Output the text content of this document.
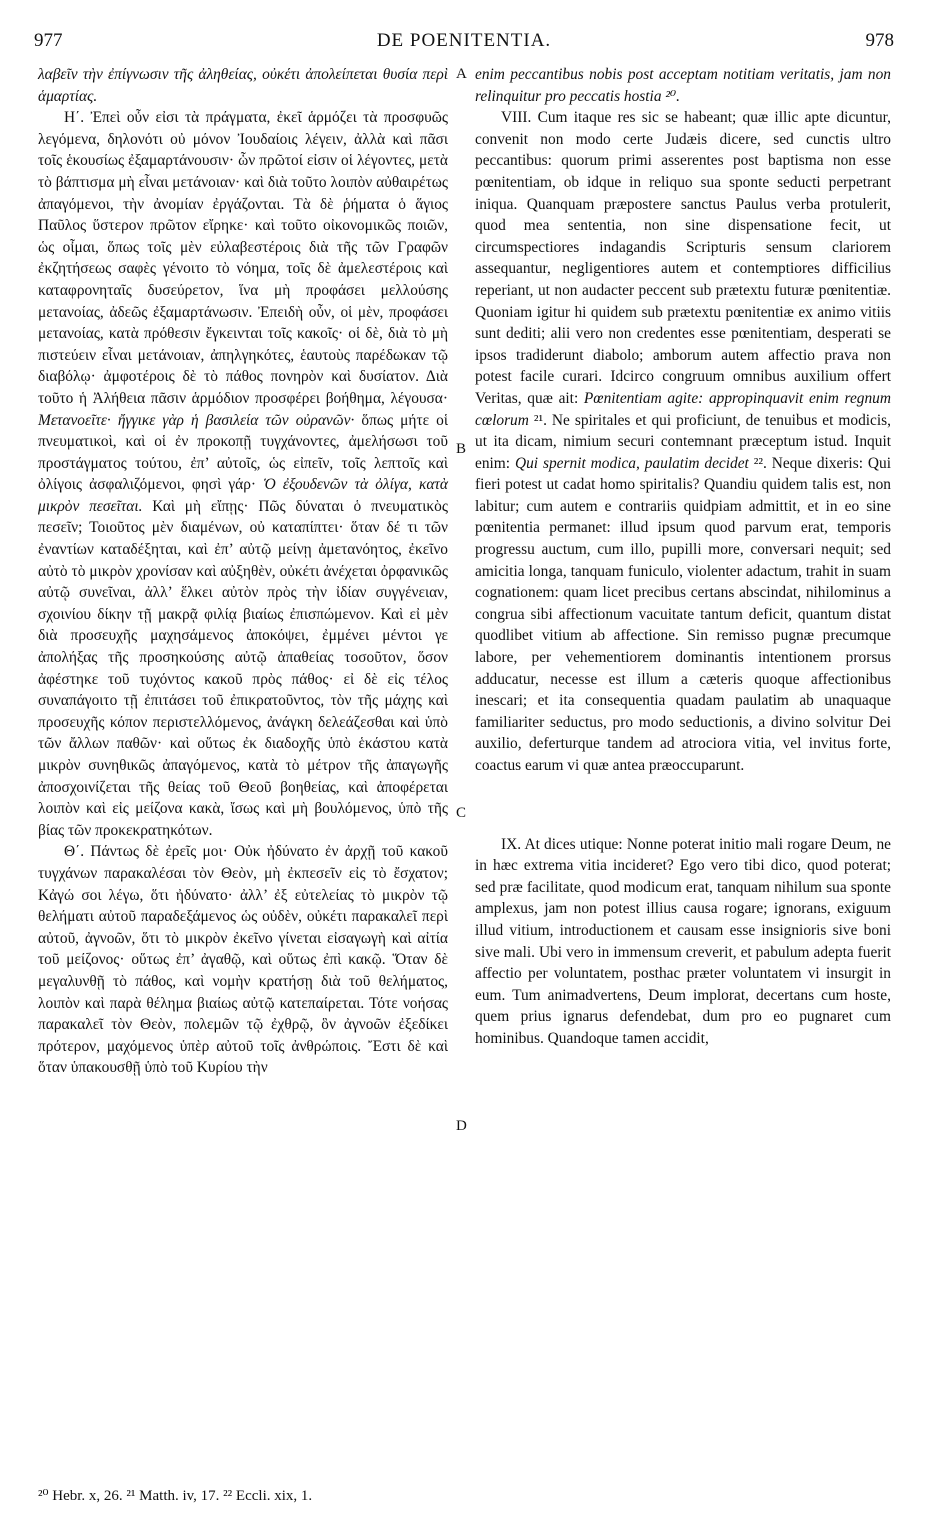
977	DE POENITENTIA.	978

λαβεῖν τὴν ἐπίγνωσιν τῆς ἀληθείας, οὐκέτι ἀπολείπεται θυσία περὶ ἁμαρτίας.

Η΄. Ἐπεὶ οὖν εἰσι τὰ πράγματα, ἐκεῖ ἁρμόζει τὰ προσφυῶς λεγόμενα, δηλονότι οὐ μόνον Ἰουδαίοις λέγειν, ἀλλὰ καὶ πᾶσι τοῖς ἑκουσίως ἐξαμαρτάνουσιν· ὧν πρῶτοί εἰσιν οἱ λέγοντες, μετὰ τὸ βάπτισμα μὴ εἶναι μετάνοιαν· καὶ διὰ τοῦτο λοιπὸν αὐθαιρέτως ἀπαγόμενοι, τὴν ἀνομίαν ἐργάζονται. Τὰ δὲ ῥήματα ὁ ἅγιος Παῦλος ὕστερον πρῶτον εἴρηκε· καὶ τοῦτο οἰκονομικῶς ποιῶν, ὡς οἶμαι, ὅπως τοῖς μὲν εὐλαβεστέροις διὰ τῆς τῶν Γραφῶν ἐκζητήσεως σαφὲς γένοιτο τὸ νόημα, τοῖς δὲ ἀμελεστέροις καὶ καταφρονηταῖς δυσεύρετον, ἵνα μὴ προφάσει μελλούσης μετανοίας, ἀδεῶς ἐξαμαρτάνωσιν. Ἐπειδὴ οὖν, οἱ μὲν, προφάσει μετανοίας, κατὰ πρόθεσιν ἔγκεινται τοῖς κακοῖς· οἱ δὲ, διὰ τὸ μὴ πιστεύειν εἶναι μετάνοιαν, ἀπηλγηκότες, ἑαυτοὺς παρέδωκαν τῷ διαβόλῳ· ἀμφοτέροις δὲ τὸ πάθος πονηρὸν καὶ δυσίατον. Διὰ τοῦτο ἡ Ἀλήθεια πᾶσιν ἁρμόδιον προσφέρει βοήθημα, λέγουσα· Μετανοεῖτε· ἤγγικε γὰρ ἡ βασιλεία τῶν οὐρανῶν· ὅπως μήτε οἱ πνευματικοὶ, καὶ οἱ ἐν προκοπῇ τυγχάνοντες, ἀμελήσωσι τοῦ προστάγματος τούτου, ἐπ’ αὐτοῖς, ὡς εἰπεῖν, τοῖς λεπτοῖς καὶ ὀλίγοις ἀσφαλιζόμενοι, φησὶ γάρ· Ὁ ἐξουδενῶν τὰ ὀλίγα, κατὰ μικρὸν πεσεῖται. Καὶ μὴ εἴπῃς· Πῶς δύναται ὁ πνευματικὸς πεσεῖν; Τοιοῦτος μὲν διαμένων, οὐ καταπίπτει· ὅταν δέ τι τῶν ἐναντίων καταδέξηται, καὶ ἐπ’ αὐτῷ μείνῃ ἀμετανόητος, ἐκεῖνο αὐτὸ τὸ μικρὸν χρονίσαν καὶ αὐξηθὲν, οὐκέτι ἀνέχεται ὀρφανικῶς αὐτῷ συνεῖναι, ἀλλ’ ἕλκει αὐτὸν πρὸς τὴν ἰδίαν συγγένειαν, σχοινίου δίκην τῇ μακρᾷ φιλίᾳ βιαίως ἐπισπώμενον. Καὶ εἰ μὲν διὰ προσευχῆς μαχησάμενος ἀποκόψει, ἐμμένει μέντοι γε ἀπολήξας τῆς προσηκούσης αὐτῷ ἀπαθείας τοσοῦτον, ὅσον ἀφέστηκε τοῦ τυχόντος κακοῦ πρὸς πάθος· εἰ δὲ εἰς τέλος συναπάγοιτο τῇ ἐπιτάσει τοῦ ἐπικρατοῦντος, τὸν τῆς μάχης καὶ προσευχῆς κόπον περιστελλόμενος, ἀνάγκη δελεάζεσθαι καὶ ὑπὸ τῶν ἄλλων παθῶν· καὶ οὕτως ἐκ διαδοχῆς ὑπὸ ἑκάστου κατὰ μικρὸν συνηθικῶς ἀπαγόμενος, κατὰ τὸ μέτρον τῆς ἀπαγωγῆς ἀποσχοινίζεται τῆς θείας τοῦ Θεοῦ βοηθείας, καὶ ἀποφέρεται λοιπὸν καὶ εἰς μείζονα κακὰ, ἴσως καὶ μὴ βουλόμενος, ὑπὸ τῆς βίας τῶν προκεκρατηκότων.

Θ΄. Πάντως δὲ ἐρεῖς μοι· Οὐκ ἠδύνατο ἐν ἀρχῇ τοῦ κακοῦ τυγχάνων παρακαλέσαι τὸν Θεὸν, μὴ ἐκπεσεῖν εἰς τὸ ἔσχατον; Κἀγώ σοι λέγω, ὅτι ἠδύνατο· ἀλλ’ ἐξ εὐτελείας τὸ μικρὸν τῷ θελήματι αὐτοῦ παραδεξάμενος ὡς οὐδὲν, οὐκέτι παρακαλεῖ περὶ αὐτοῦ, ἀγνοῶν, ὅτι τὸ μικρὸν ἐκεῖνο γίνεται εἰσαγωγὴ καὶ αἰτία τοῦ μείζονος· οὕτως ἐπ’ ἀγαθῷ, καὶ οὕτως ἐπὶ κακῷ. Ὅταν δὲ μεγαλυνθῇ τὸ πάθος, καὶ νομὴν κρατήσῃ διὰ τοῦ θελήματος, λοιπὸν καὶ παρὰ θέλημα βιαίως αὐτῷ κατεπαίρεται. Τότε νοήσας παρακαλεῖ τὸν Θεὸν, πολεμῶν τῷ ἐχθρῷ, ὃν ἀγνοῶν ἐξεδίκει πρότερον, μαχόμενος ὑπὲρ αὐτοῦ τοῖς ἀνθρώποις. Ἔστι δὲ καὶ ὅταν ὑπακουσθῇ ὑπὸ τοῦ Κυρίου τὴν

A
B
C
D

enim peccantibus nobis post acceptam notitiam veritatis, jam non relinquitur pro peccatis hostia ²⁰.

VIII. Cum itaque res sic se habeant; quæ illic apte dicuntur, convenit non modo certe Judæis dicere, sed cunctis ultro peccantibus: quorum primi asserentes post baptisma non esse pœnitentiam, ob idque in reliquo sua sponte seducti perpetrant iniqua. Quanquam præpostere sanctus Paulus verba protulerit, quod mea sententia, non sine dispensatione fecit, ut circumspectiores indagandis Scripturis sensum clariorem assequantur, negligentiores autem et contemptiores difficilius reperiant, ut non audacter peccent sub prætextu futuræ pœnitentiæ. Quoniam igitur hi quidem sub prætextu pœnitentiæ ex animo vitiis sunt dediti; alii vero non credentes esse pœnitentiam, desperati se ipsos tradiderunt diabolo; amborum autem affectio prava non potest facile curari. Idcirco congruum omnibus auxilium offert Veritas, quæ ait: Pœnitentiam agite: appropinquavit enim regnum cœlorum ²¹. Ne spiritales et qui proficiunt, de tenuibus et modicis, ut ita dicam, nimium securi contemnant præceptum istud. Inquit enim: Qui spernit modica, paulatim decidet ²². Neque dixeris: Qui fieri potest ut cadat homo spiritalis? Quandiu quidem talis est, non labitur; cum autem e contrariis quidpiam admittit, et in eo sine pœnitentia permanet: illud ipsum quod parvum erat, temporis progressu auctum, cum illo, pupilli more, conversari nequit; sed amicitia longa, tanquam funiculo, violenter adactum, trahit in suam cognationem: quam licet precibus certans abscindat, nihilominus a congrua sibi affectionum vacuitate tantum deficit, quantum distat quodlibet vitium ab affectione. Sin remisso pugnæ precumque labore, per vehementiorem dominantis intentionem prorsus adducatur, necesse est illum a cæteris quoque affectionibus inescari; et ita consequentia quadam paulatim ab unaquaque familiariter seductus, pro modo seductionis, a divino solvitur Dei auxilio, deferturque tandem ad atrociora vitia, vel invitus forte, coactus earum vi quæ antea præoccuparunt.

IX. At dices utique: Nonne poterat initio mali rogare Deum, ne in hæc extrema vitia incideret? Ego vero tibi dico, quod poterat; sed præ facilitate, quod modicum erat, tanquam nihilum sua sponte amplexus, jam non potest illius causa rogare; ignorans, exiguum illud vitium, introductionem et causam esse insignioris sive boni sive mali. Ubi vero in immensum creverit, et pabulum adepta fuerit affectio per voluntatem, posthac præter voluntatem vi insurgit in eum. Tum animadvertens, Deum implorat, decertans cum hoste, quem prius ignarus defendebat, dum pro eo pugnaret cum hominibus. Quandoque tamen accidit,

²⁰ Hebr. x, 26. ²¹ Matth. iv, 17. ²² Eccli. xix, 1.
